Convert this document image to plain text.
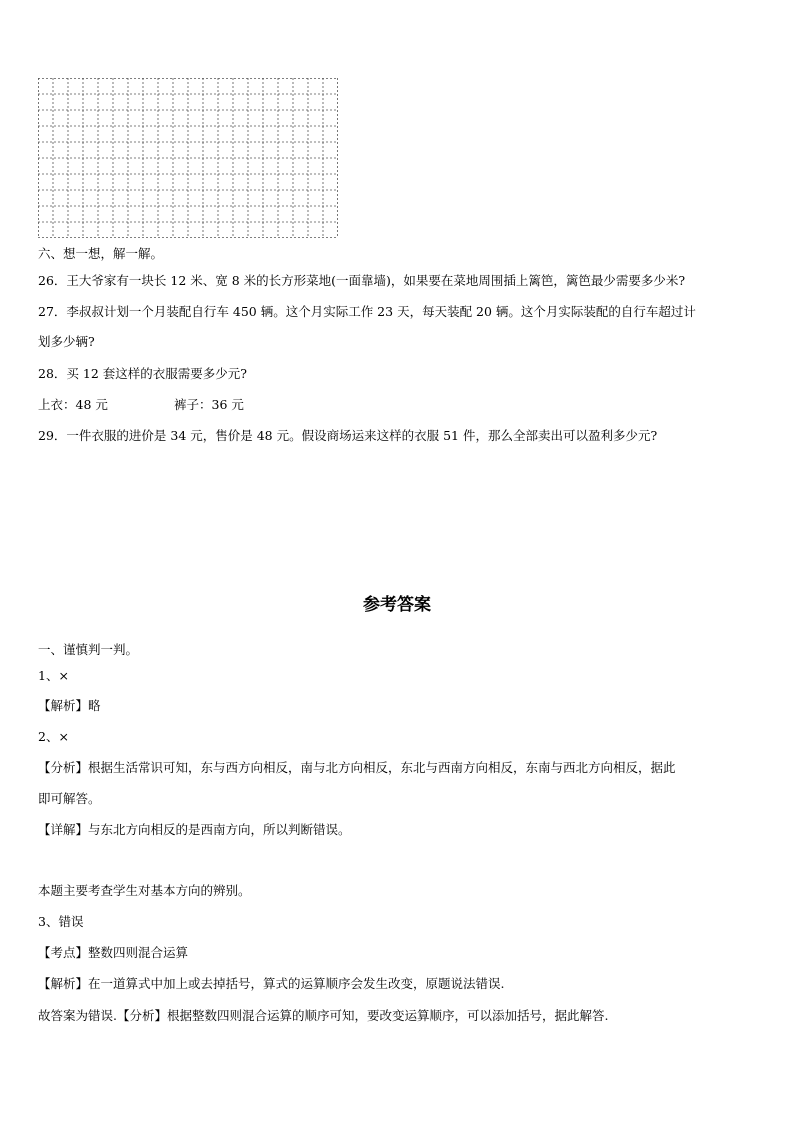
六、想一想，解一解。
26．王大爷家有一块长 12 米、宽 8 米的长方形菜地(一面靠墙)，如果要在菜地周围插上篱笆，篱笆最少需要多少米?
27．李叔叔计划一个月装配自行车 450 辆。这个月实际工作 23 天，每天装配 20 辆。这个月实际装配的自行车超过计
划多少辆?
28．买 12 套这样的衣服需要多少元?
上衣：48 元	裤子：36 元
29．一件衣服的进价是 34 元，售价是 48 元。假设商场运来这样的衣服 51 件，那么全部卖出可以盈利多少元?
参考答案
一、谨慎判一判。
1、×
【解析】略
2、×
【分析】根据生活常识可知，东与西方向相反，南与北方向相反，东北与西南方向相反，东南与西北方向相反，据此
即可解答。
【详解】与东北方向相反的是西南方向，所以判断错误。
本题主要考查学生对基本方向的辨别。
3、错误
【考点】整数四则混合运算
【解析】在一道算式中加上或去掉括号，算式的运算顺序会发生改变，原题说法错误.
故答案为错误.【分析】根据整数四则混合运算的顺序可知，要改变运算顺序，可以添加括号，据此解答.
